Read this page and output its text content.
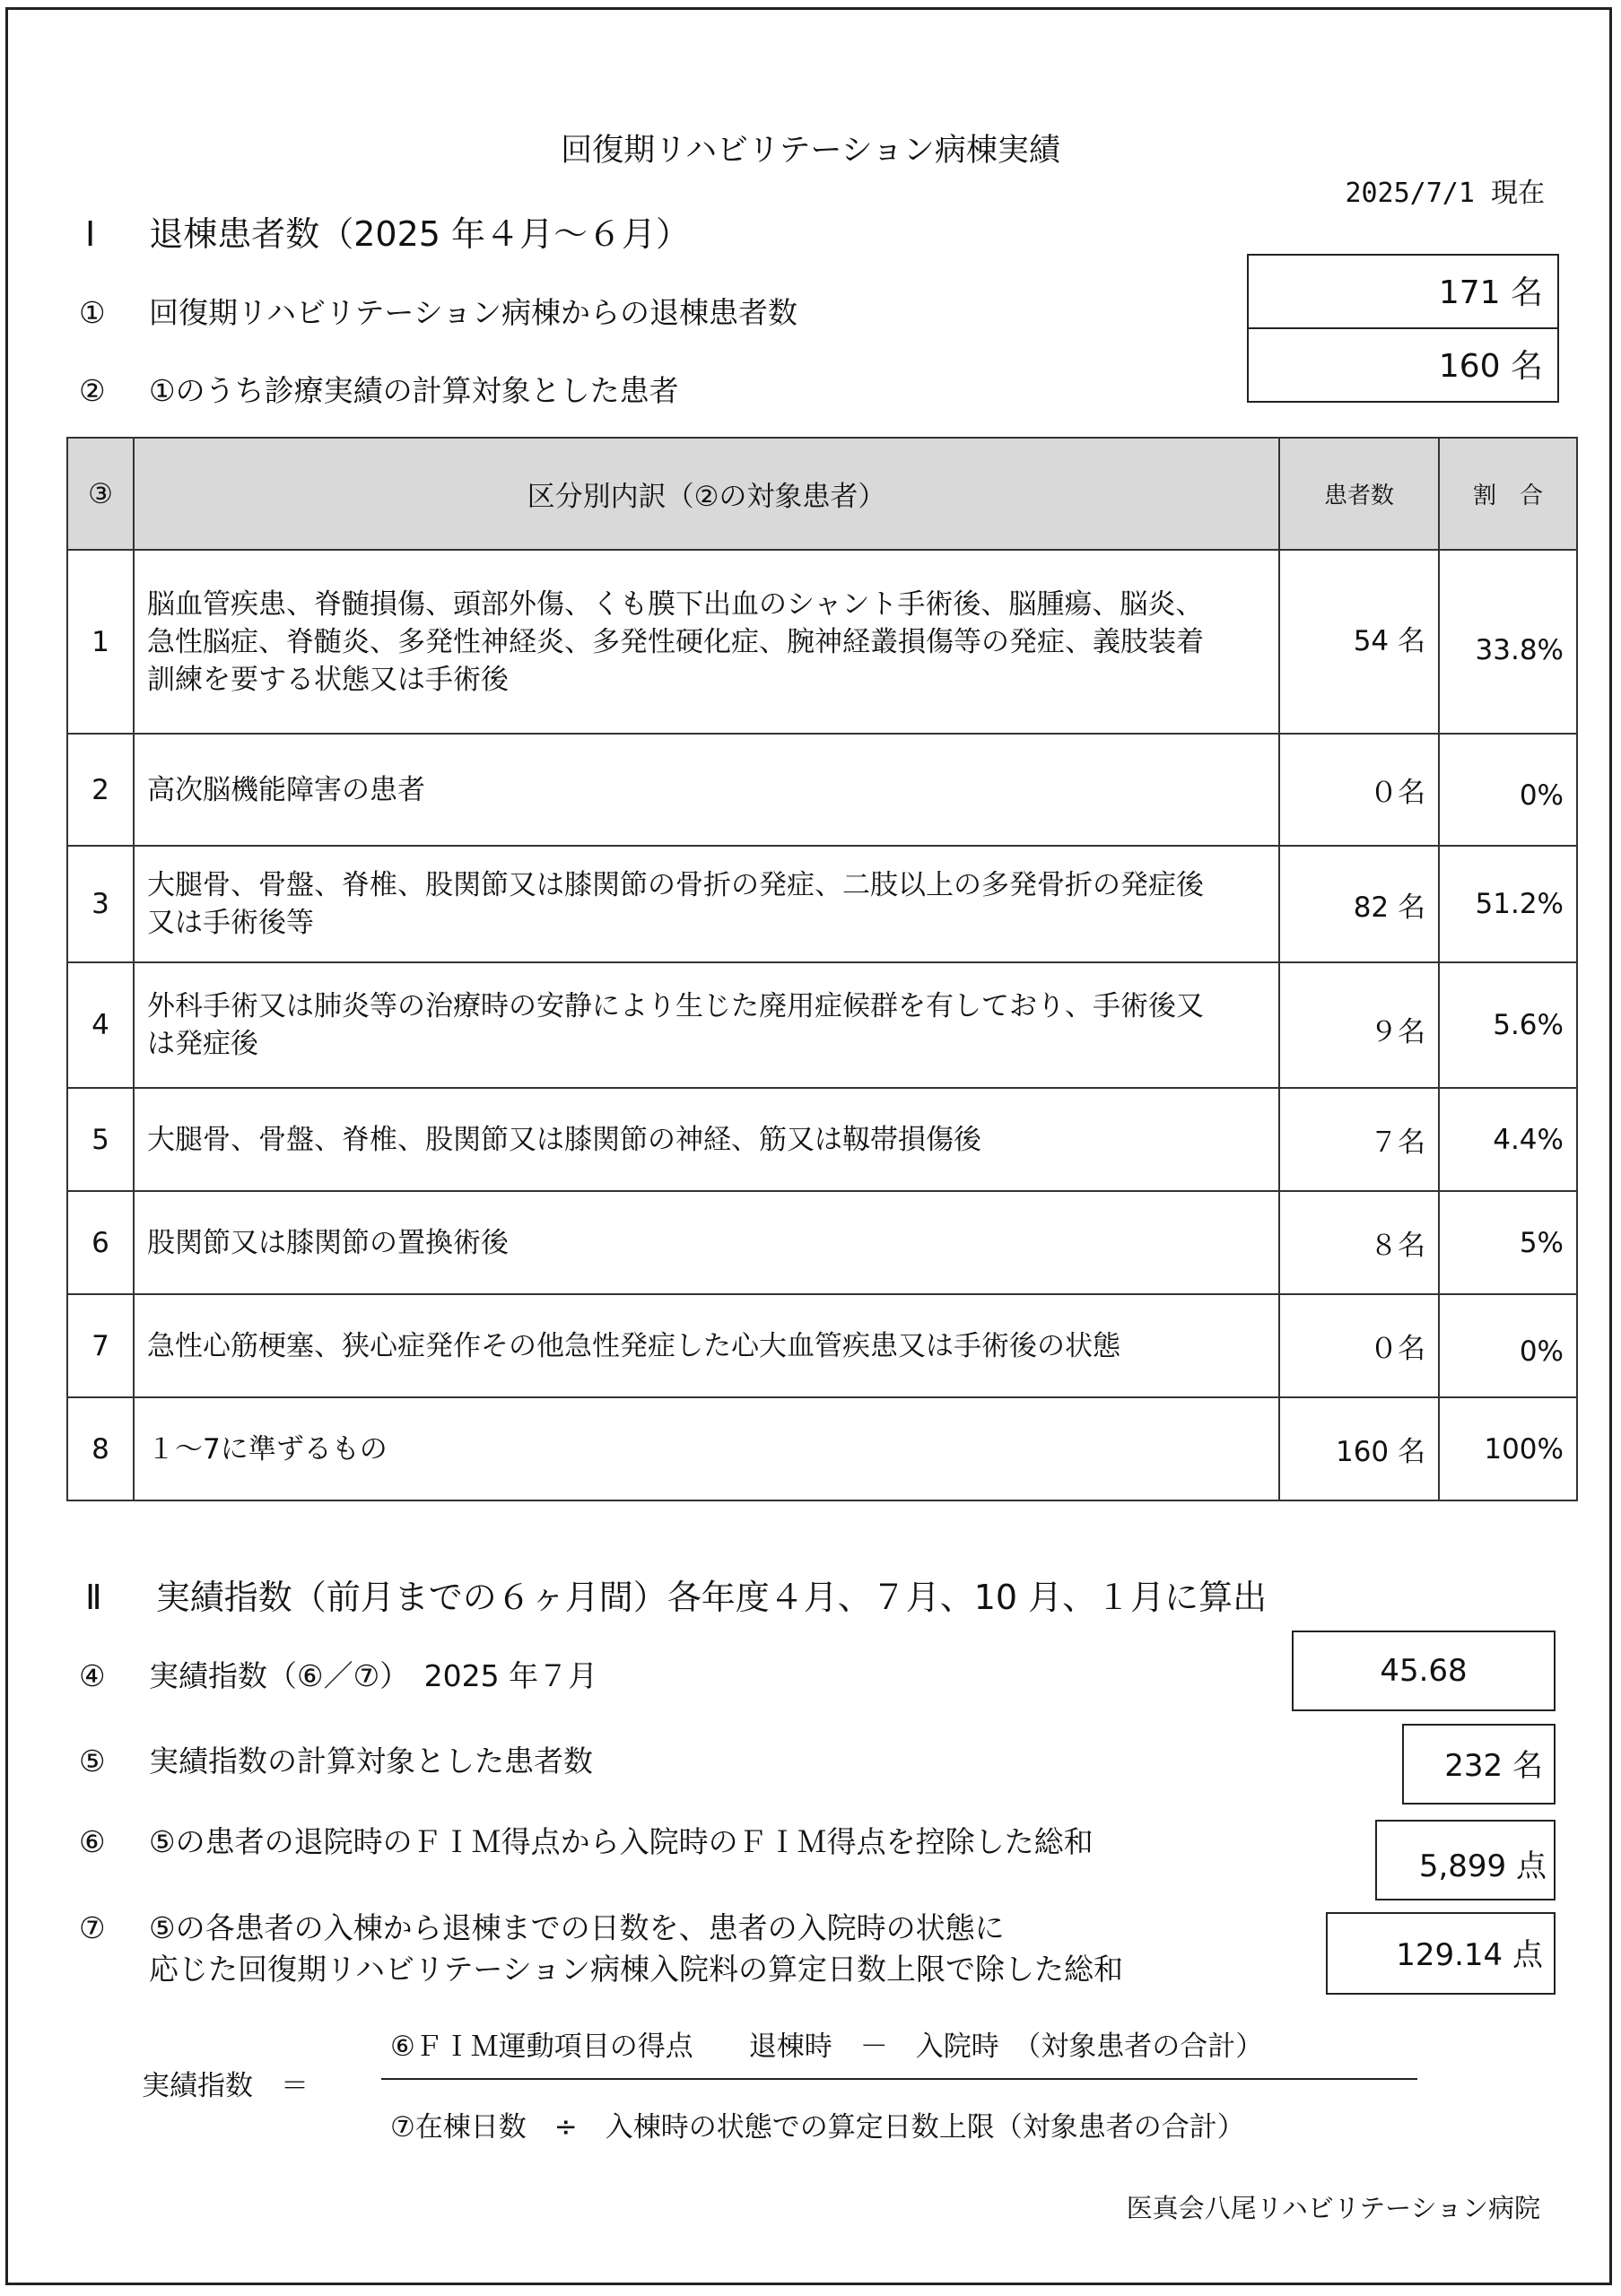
回復期リハビリテーション病棟実績
2025/7/1 現在
Ⅰ 退棟患者数（2025 年４月～６月）
① 回復期リハビリテーション病棟からの退棟患者数
② ①のうち診療実績の計算対象とした患者
171 名
160 名
③	区分別内訳（②の対象患者）	患者数	割　合
1	脳血管疾患、脊髄損傷、頭部外傷、くも膜下出血のシャント手術後、脳腫瘍、脳炎、
急性脳症、脊髄炎、多発性神経炎、多発性硬化症、腕神経叢損傷等の発症、義肢装着
訓練を要する状態又は手術後	54 名	33.8%
2	高次脳機能障害の患者	０名	0%
3	大腿骨、骨盤、脊椎、股関節又は膝関節の骨折の発症、二肢以上の多発骨折の発症後
又は手術後等	82 名	51.2%
4	外科手術又は肺炎等の治療時の安静により生じた廃用症候群を有しており、手術後又
は発症後	９名	5.6%
5	大腿骨、骨盤、脊椎、股関節又は膝関節の神経、筋又は靱帯損傷後	７名	4.4%
6	股関節又は膝関節の置換術後	８名	5%
7	急性心筋梗塞、狭心症発作その他急性発症した心大血管疾患又は手術後の状態	０名	0%
8	１～7に準ずるもの	160 名	100%
Ⅱ 実績指数（前月までの６ヶ月間）各年度４月、７月、10 月、１月に算出
④ 実績指数（⑥／⑦）　2025 年７月	45.68
⑤ 実績指数の計算対象とした患者数	232 名
⑥ ⑤の患者の退院時のＦＩＭ得点から入院時のＦＩＭ得点を控除した総和
5,899 点
⑦ ⑤の各患者の入棟から退棟までの日数を、患者の入院時の状態に
応じた回復期リハビリテーション病棟入院料の算定日数上限で除した総和	129.14 点
実績指数　＝
⑥ＦＩＭ運動項目の得点　　退棟時　－　入院時　（対象患者の合計）
⑦在棟日数　÷　入棟時の状態での算定日数上限（対象患者の合計）
医真会八尾リハビリテーション病院
